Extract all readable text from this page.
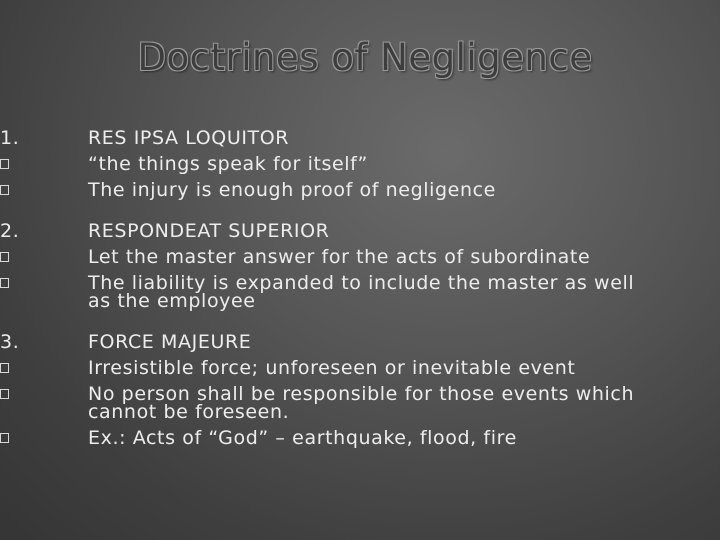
Doctrines of Negligence
1.	RES IPSA LOQUITOR
“the things speak for itself”
The injury is enough proof of negligence
2.	RESPONDEAT SUPERIOR
Let the master answer for the acts of subordinate
The liability is expanded to include the master as well
as the employee
3.	FORCE MAJEURE
Irresistible force; unforeseen or inevitable event
No person shall be responsible for those events which
cannot be foreseen.
Ex.: Acts of “God” – earthquake, flood, fire
